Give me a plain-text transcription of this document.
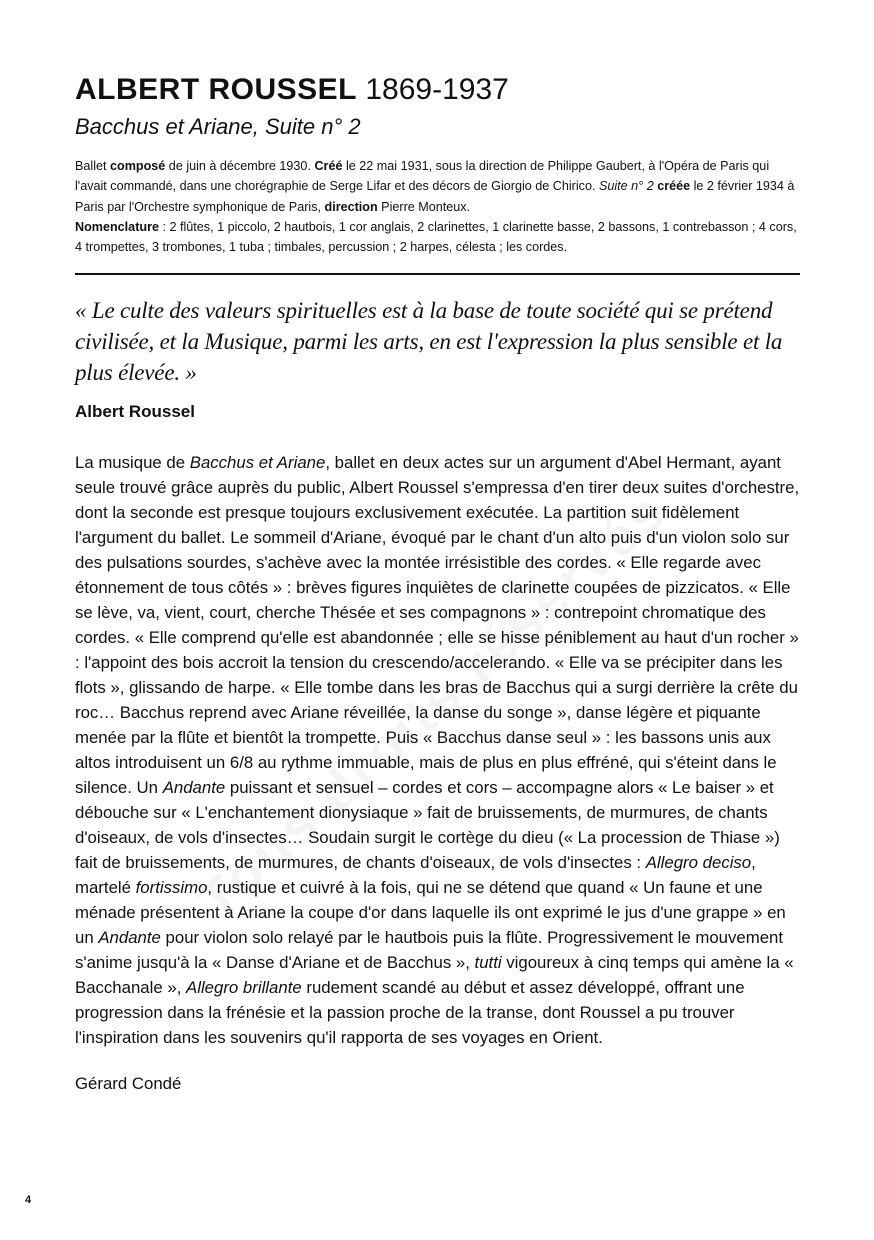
ALBERT ROUSSEL 1869-1937

Bacchus et Ariane, Suite n° 2

Ballet composé de juin à décembre 1930. Créé le 22 mai 1931, sous la direction de Philippe Gaubert, à l'Opéra de Paris qui l'avait commandé, dans une chorégraphie de Serge Lifar et des décors de Giorgio de Chirico. Suite n° 2 créée le 2 février 1934 à Paris par l'Orchestre symphonique de Paris, direction Pierre Monteux.

Nomenclature : 2 flûtes, 1 piccolo, 2 hautbois, 1 cor anglais, 2 clarinettes, 1 clarinette basse, 2 bassons, 1 contrebasson ; 4 cors, 4 trompettes, 3 trombones, 1 tuba ; timbales, percussion ; 2 harpes, célesta ; les cordes.

« Le culte des valeurs spirituelles est à la base de toute société qui se prétend civilisée, et la Musique, parmi les arts, en est l'expression la plus sensible et la plus élevée. »

Albert Roussel

La musique de Bacchus et Ariane, ballet en deux actes sur un argument d'Abel Hermant, ayant seule trouvé grâce auprès du public, Albert Roussel s'empressa d'en tirer deux suites d'orchestre, dont la seconde est presque toujours exclusivement exécutée. La partition suit fidèlement l'argument du ballet. Le sommeil d'Ariane, évoqué par le chant d'un alto puis d'un violon solo sur des pulsations sourdes, s'achève avec la montée irrésistible des cordes. « Elle regarde avec étonnement de tous côtés » : brèves figures inquiètes de clarinette coupées de pizzicatos. « Elle se lève, va, vient, court, cherche Thésée et ses compagnons » : contrepoint chromatique des cordes. « Elle comprend qu'elle est abandonnée ; elle se hisse péniblement au haut d'un rocher » : l'appoint des bois accroit la tension du crescendo/accelerando. « Elle va se précipiter dans les flots », glissando de harpe. « Elle tombe dans les bras de Bacchus qui a surgi derrière la crête du roc… Bacchus reprend avec Ariane réveillée, la danse du songe », danse légère et piquante menée par la flûte et bientôt la trompette. Puis « Bacchus danse seul » : les bassons unis aux altos introduisent un 6/8 au rythme immuable, mais de plus en plus effréné, qui s'éteint dans le silence. Un Andante puissant et sensuel – cordes et cors – accompagne alors « Le baiser » et débouche sur « L'enchantement dionysiaque » fait de bruissements, de murmures, de chants d'oiseaux, de vols d'insectes… Soudain surgit le cortège du dieu (« La procession de Thiase ») fait de bruissements, de murmures, de chants d'oiseaux, de vols d'insectes : Allegro deciso, martelé fortissimo, rustique et cuivré à la fois, qui ne se détend que quand « Un faune et une ménade présentent à Ariane la coupe d'or dans laquelle ils ont exprimé le jus d'une grappe » en un Andante pour violon solo relayé par le hautbois puis la flûte. Progressivement le mouvement s'anime jusqu'à la « Danse d'Ariane et de Bacchus », tutti vigoureux à cinq temps qui amène la « Bacchanale », Allegro brillante rudement scandé au début et assez développé, offrant une progression dans la frénésie et la passion proche de la transe, dont Roussel a pu trouver l'inspiration dans les souvenirs qu'il rapporta de ses voyages en Orient.

Gérard Condé

4
